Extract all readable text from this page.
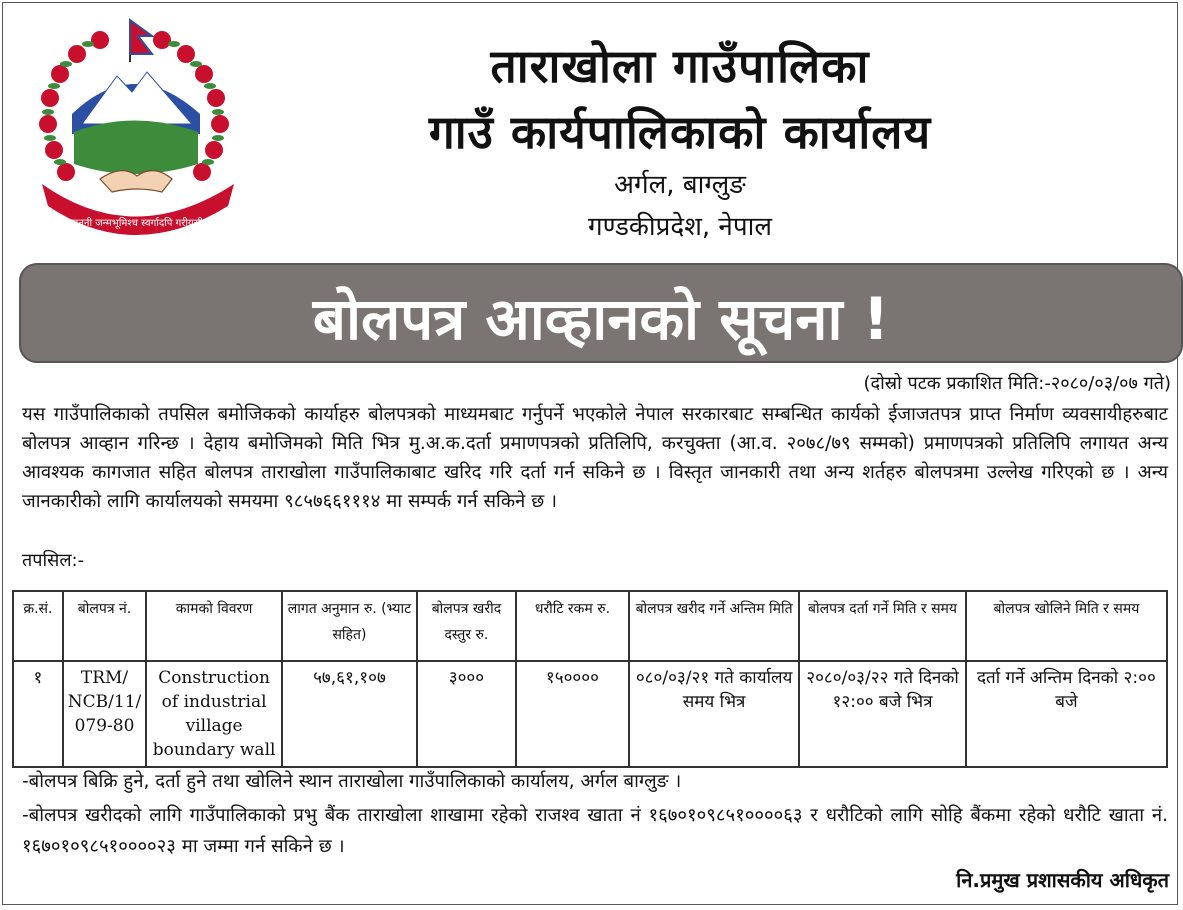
जननी जन्मभूमिश्च स्वर्गादपि गरीयसी
ताराखोला गाउँपालिका
गाउँ कार्यपालिकाको कार्यालय
अर्गल, बाग्लुङ
गण्डकीप्रदेश, नेपाल
बोलपत्र आव्हानको सूचना !
(दोस्रो पटक प्रकाशित मिति:-२०८०/०३/०७ गते)
यस गाउँपालिकाको तपसिल बमोजिकको कार्याहरु बोलपत्रको माध्यमबाट गर्नुपर्ने भएकोले नेपाल सरकारबाट सम्बन्धित कार्यको ईजाजतपत्र प्राप्त निर्माण व्यवसायीहरुबाट बोलपत्र आव्हान गरिन्छ । देहाय बमोजिमको मिति भित्र मु.अ.क.दर्ता प्रमाणपत्रको प्रतिलिपि, करचुक्ता (आ.व. २०७८/७९ सम्मको) प्रमाणपत्रको प्रतिलिपि लगायत अन्य आवश्यक कागजात सहित बोलपत्र ताराखोला गाउँपालिकाबाट खरिद गरि दर्ता गर्न सकिने छ । विस्तृत जानकारी तथा अन्य शर्तहरु बोलपत्रमा उल्लेख गरिएको छ । अन्य जानकारीको लागि कार्यालयको समयमा ९८५७६६१११४ मा सम्पर्क गर्न सकिने छ ।
तपसिल:-
क्र.सं.	बोलपत्र नं.	कामको विवरण	लागत अनुमान रु. (भ्याट सहित)	बोलपत्र खरीद दस्तुर रु.	धरौटि रकम रु.	बोलपत्र खरीद गर्ने अन्तिम मिति	बोलपत्र दर्ता गर्ने मिति र समय	बोलपत्र खोलिने मिति र समय
१	TRM/ NCB/11/ 079-80	Construction of industrial village boundary wall	५७,६१,१०७	३०००	१५००००	०८०/०३/२१ गते कार्यालय समय भित्र	२०८०/०३/२२ गते दिनको १२:०० बजे भित्र	दर्ता गर्ने अन्तिम दिनको २:०० बजे
-बोलपत्र बिक्रि हुने, दर्ता हुने तथा खोलिने स्थान ताराखोला गाउँपालिकाको कार्यालय, अर्गल बाग्लुङ ।
-बोलपत्र खरीदको लागि गाउँपालिकाको प्रभु बैंक ताराखोला शाखामा रहेको राजश्व खाता नं १६७०१०९८५१००००६३ र धरौटिको लागि सोहि बैंकमा रहेको धरौटि खाता नं. १६७०१०९८५१००००२३ मा जम्मा गर्न सकिने छ ।
नि.प्रमुख प्रशासकीय अधिकृत
